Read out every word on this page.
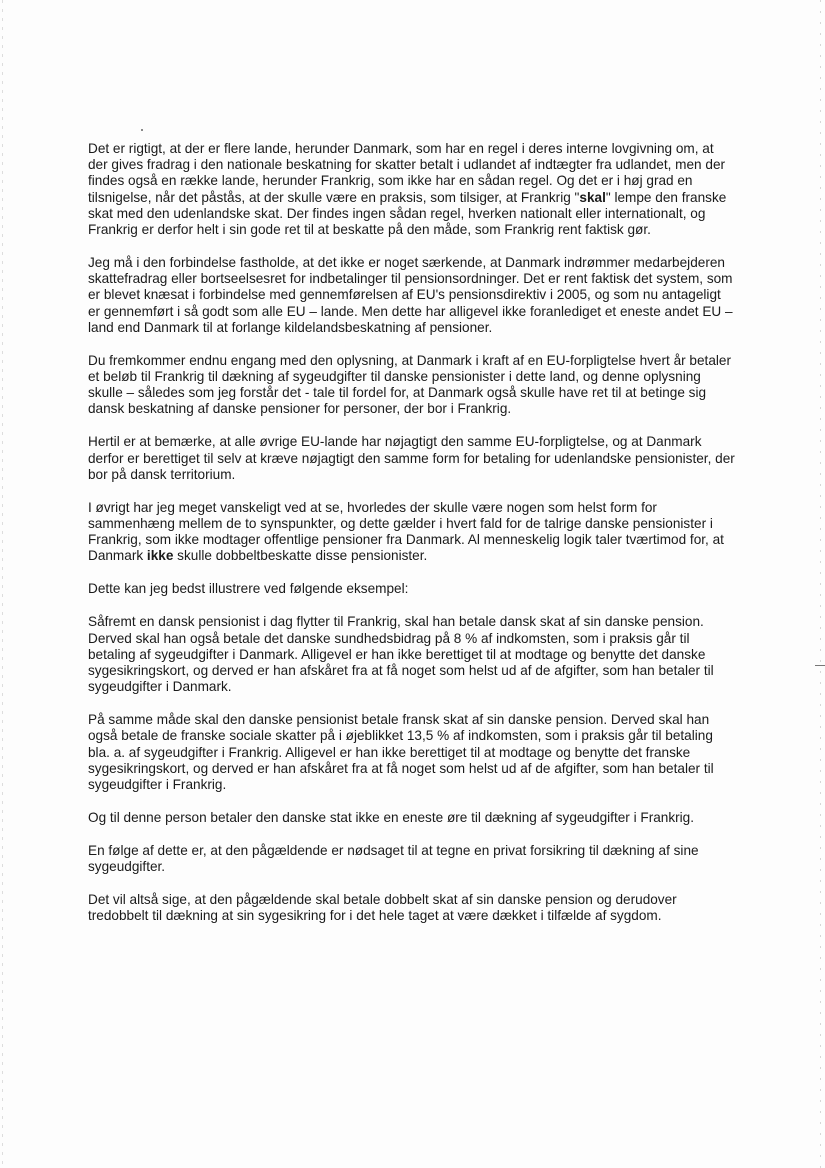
Det er rigtigt, at der er flere lande, herunder Danmark, som har en regel i deres interne lovgivning om, at der gives fradrag i den nationale beskatning for skatter betalt i udlandet af indtægter fra udlandet, men der findes også en række lande, herunder Frankrig, som ikke har en sådan regel. Og det er i høj grad en tilsnigelse, når det påstås, at der skulle være en praksis, som tilsiger, at Frankrig "skal" lempe den franske skat med den udenlandske skat. Der findes ingen sådan regel, hverken nationalt eller internationalt, og Frankrig er derfor helt i sin gode ret til at beskatte på den måde, som Frankrig rent faktisk gør.

Jeg må i den forbindelse fastholde, at det ikke er noget særkende, at Danmark indrømmer medarbejderen skattefradrag eller bortseelsesret for indbetalinger til pensionsordninger. Det er rent faktisk det system, som er blevet knæsat i forbindelse med gennemførelsen af EU's pensionsdirektiv i 2005, og som nu antageligt er gennemført i så godt som alle EU – lande. Men dette har alligevel ikke foranlediget et eneste andet EU – land end Danmark til at forlange kildelandsbeskatning af pensioner.

Du fremkommer endnu engang med den oplysning, at Danmark i kraft af en EU-forpligtelse hvert år betaler et beløb til Frankrig til dækning af sygeudgifter til danske pensionister i dette land, og denne oplysning skulle – således som jeg forstår det - tale til fordel for, at Danmark også skulle have ret til at betinge sig dansk beskatning af danske pensioner for personer, der bor i Frankrig.

Hertil er at bemærke, at alle øvrige EU-lande har nøjagtigt den samme EU-forpligtelse, og at Danmark derfor er berettiget til selv at kræve nøjagtigt den samme form for betaling for udenlandske pensionister, der bor på dansk territorium.

I øvrigt har jeg meget vanskeligt ved at se, hvorledes der skulle være nogen som helst form for sammenhæng mellem de to synspunkter, og dette gælder i hvert fald for de talrige danske pensionister i Frankrig, som ikke modtager offentlige pensioner fra Danmark. Al menneskelig logik taler tværtimod for, at Danmark ikke skulle dobbeltbeskatte disse pensionister.

Dette kan jeg bedst illustrere ved følgende eksempel:

Såfremt en dansk pensionist i dag flytter til Frankrig, skal han betale dansk skat af sin danske pension. Derved skal han også betale det danske sundhedsbidrag på 8 % af indkomsten, som i praksis går til betaling af sygeudgifter i Danmark. Alligevel er han ikke berettiget til at modtage og benytte det danske sygesikringskort, og derved er han afskåret fra at få noget som helst ud af de afgifter, som han betaler til sygeudgifter i Danmark.

På samme måde skal den danske pensionist betale fransk skat af sin danske pension. Derved skal han også betale de franske sociale skatter på i øjeblikket 13,5 % af indkomsten, som i praksis går til betaling bla. a. af sygeudgifter i Frankrig. Alligevel er han ikke berettiget til at modtage og benytte det franske sygesikringskort, og derved er han afskåret fra at få noget som helst ud af de afgifter, som han betaler til sygeudgifter i Frankrig.

Og til denne person betaler den danske stat ikke en eneste øre til dækning af sygeudgifter i Frankrig.

En følge af dette er, at den pågældende er nødsaget til at tegne en privat forsikring til dækning af sine sygeudgifter.

Det vil altså sige, at den pågældende skal betale dobbelt skat af sin danske pension og derudover tredobbelt til dækning at sin sygesikring for i det hele taget at være dækket i tilfælde af sygdom.
